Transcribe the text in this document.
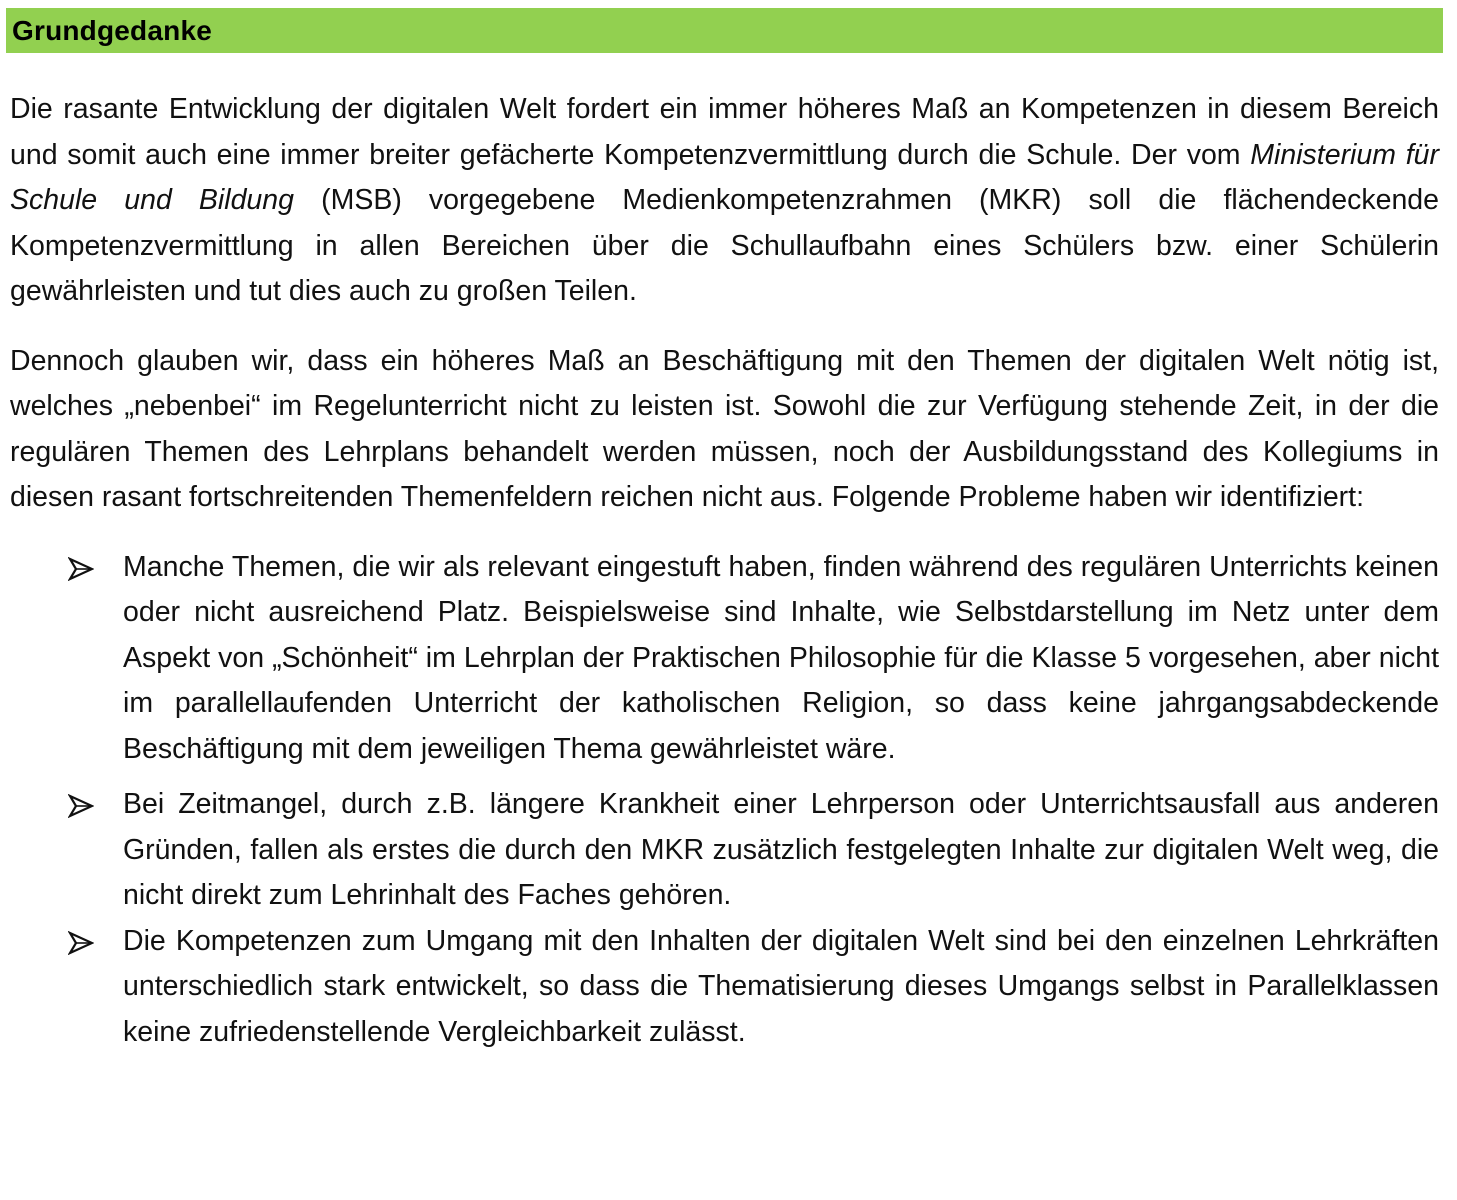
Grundgedanke

Die rasante Entwicklung der digitalen Welt fordert ein immer höheres Maß an Kompetenzen in diesem Bereich und somit auch eine immer breiter gefächerte Kompetenzvermittlung durch die Schule. Der vom Ministerium für Schule und Bildung (MSB) vorgegebene Medienkompetenzrahmen (MKR) soll die flächendeckende Kompetenzvermittlung in allen Bereichen über die Schullaufbahn eines Schülers bzw. einer Schülerin gewährleisten und tut dies auch zu großen Teilen.

Dennoch glauben wir, dass ein höheres Maß an Beschäftigung mit den Themen der digitalen Welt nötig ist, welches „nebenbei“ im Regelunterricht nicht zu leisten ist. Sowohl die zur Verfügung stehende Zeit, in der die regulären Themen des Lehrplans behandelt werden müssen, noch der Ausbildungsstand des Kollegiums in diesen rasant fortschreitenden Themenfeldern reichen nicht aus. Folgende Probleme haben wir identifiziert:

Manche Themen, die wir als relevant eingestuft haben, finden während des regulären Unterrichts keinen oder nicht ausreichend Platz. Beispielsweise sind Inhalte, wie Selbstdarstellung im Netz unter dem Aspekt von „Schönheit“ im Lehrplan der Praktischen Philosophie für die Klasse 5 vorgesehen, aber nicht im parallellaufenden Unterricht der katholischen Religion, so dass keine jahrgangsabdeckende Beschäftigung mit dem jeweiligen Thema gewährleistet wäre.
Bei Zeitmangel, durch z.B. längere Krankheit einer Lehrperson oder Unterrichtsausfall aus anderen Gründen, fallen als erstes die durch den MKR zusätzlich festgelegten Inhalte zur digitalen Welt weg, die nicht direkt zum Lehrinhalt des Faches gehören.
Die Kompetenzen zum Umgang mit den Inhalten der digitalen Welt sind bei den einzelnen Lehrkräften unterschiedlich stark entwickelt, so dass die Thematisierung dieses Umgangs selbst in Parallelklassen keine zufriedenstellende Vergleichbarkeit zulässt.
